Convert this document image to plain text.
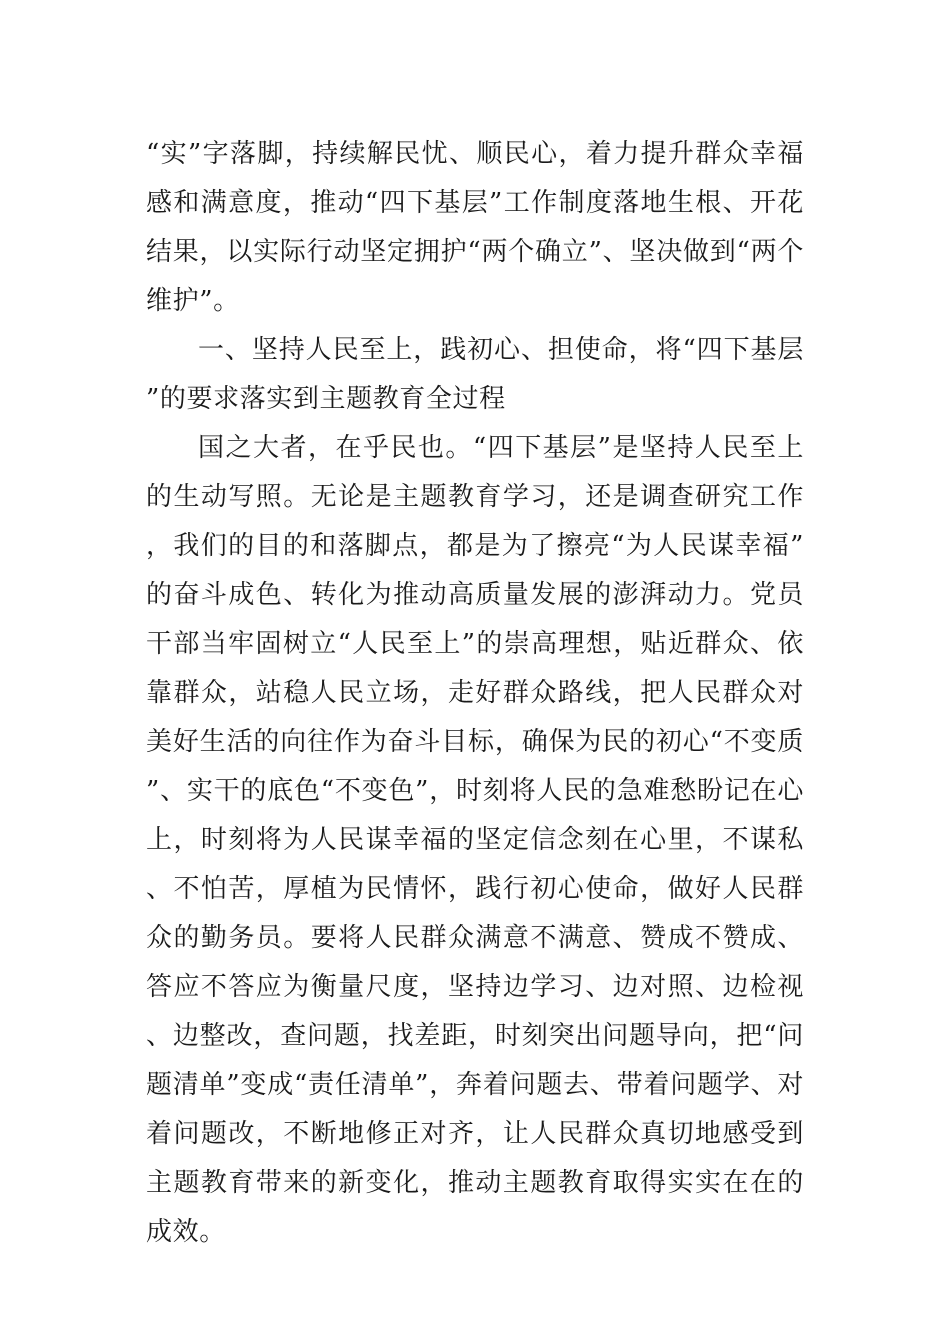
“实”字落脚，持续解民忧、顺民心，着力提升群众幸福感和满意度，推动“四下基层”工作制度落地生根、开花结果，以实际行动坚定拥护“两个确立”、坚决做到“两个维护”。

一、坚持人民至上，践初心、担使命，将“四下基层”的要求落实到主题教育全过程

国之大者，在乎民也。“四下基层”是坚持人民至上的生动写照。无论是主题教育学习，还是调查研究工作，我们的目的和落脚点，都是为了擦亮“为人民谋幸福”的奋斗成色、转化为推动高质量发展的澎湃动力。党员干部当牢固树立“人民至上”的崇高理想，贴近群众、依靠群众，站稳人民立场，走好群众路线，把人民群众对美好生活的向往作为奋斗目标，确保为民的初心“不变质”、实干的底色“不变色”，时刻将人民的急难愁盼记在心上，时刻将为人民谋幸福的坚定信念刻在心里，不谋私、不怕苦，厚植为民情怀，践行初心使命，做好人民群众的勤务员。要将人民群众满意不满意、赞成不赞成、答应不答应为衡量尺度，坚持边学习、边对照、边检视、边整改，查问题，找差距，时刻突出问题导向，把“问题清单”变成“责任清单”，奔着问题去、带着问题学、对着问题改，不断地修正对齐，让人民群众真切地感受到主题教育带来的新变化，推动主题教育取得实实在在的成效。
